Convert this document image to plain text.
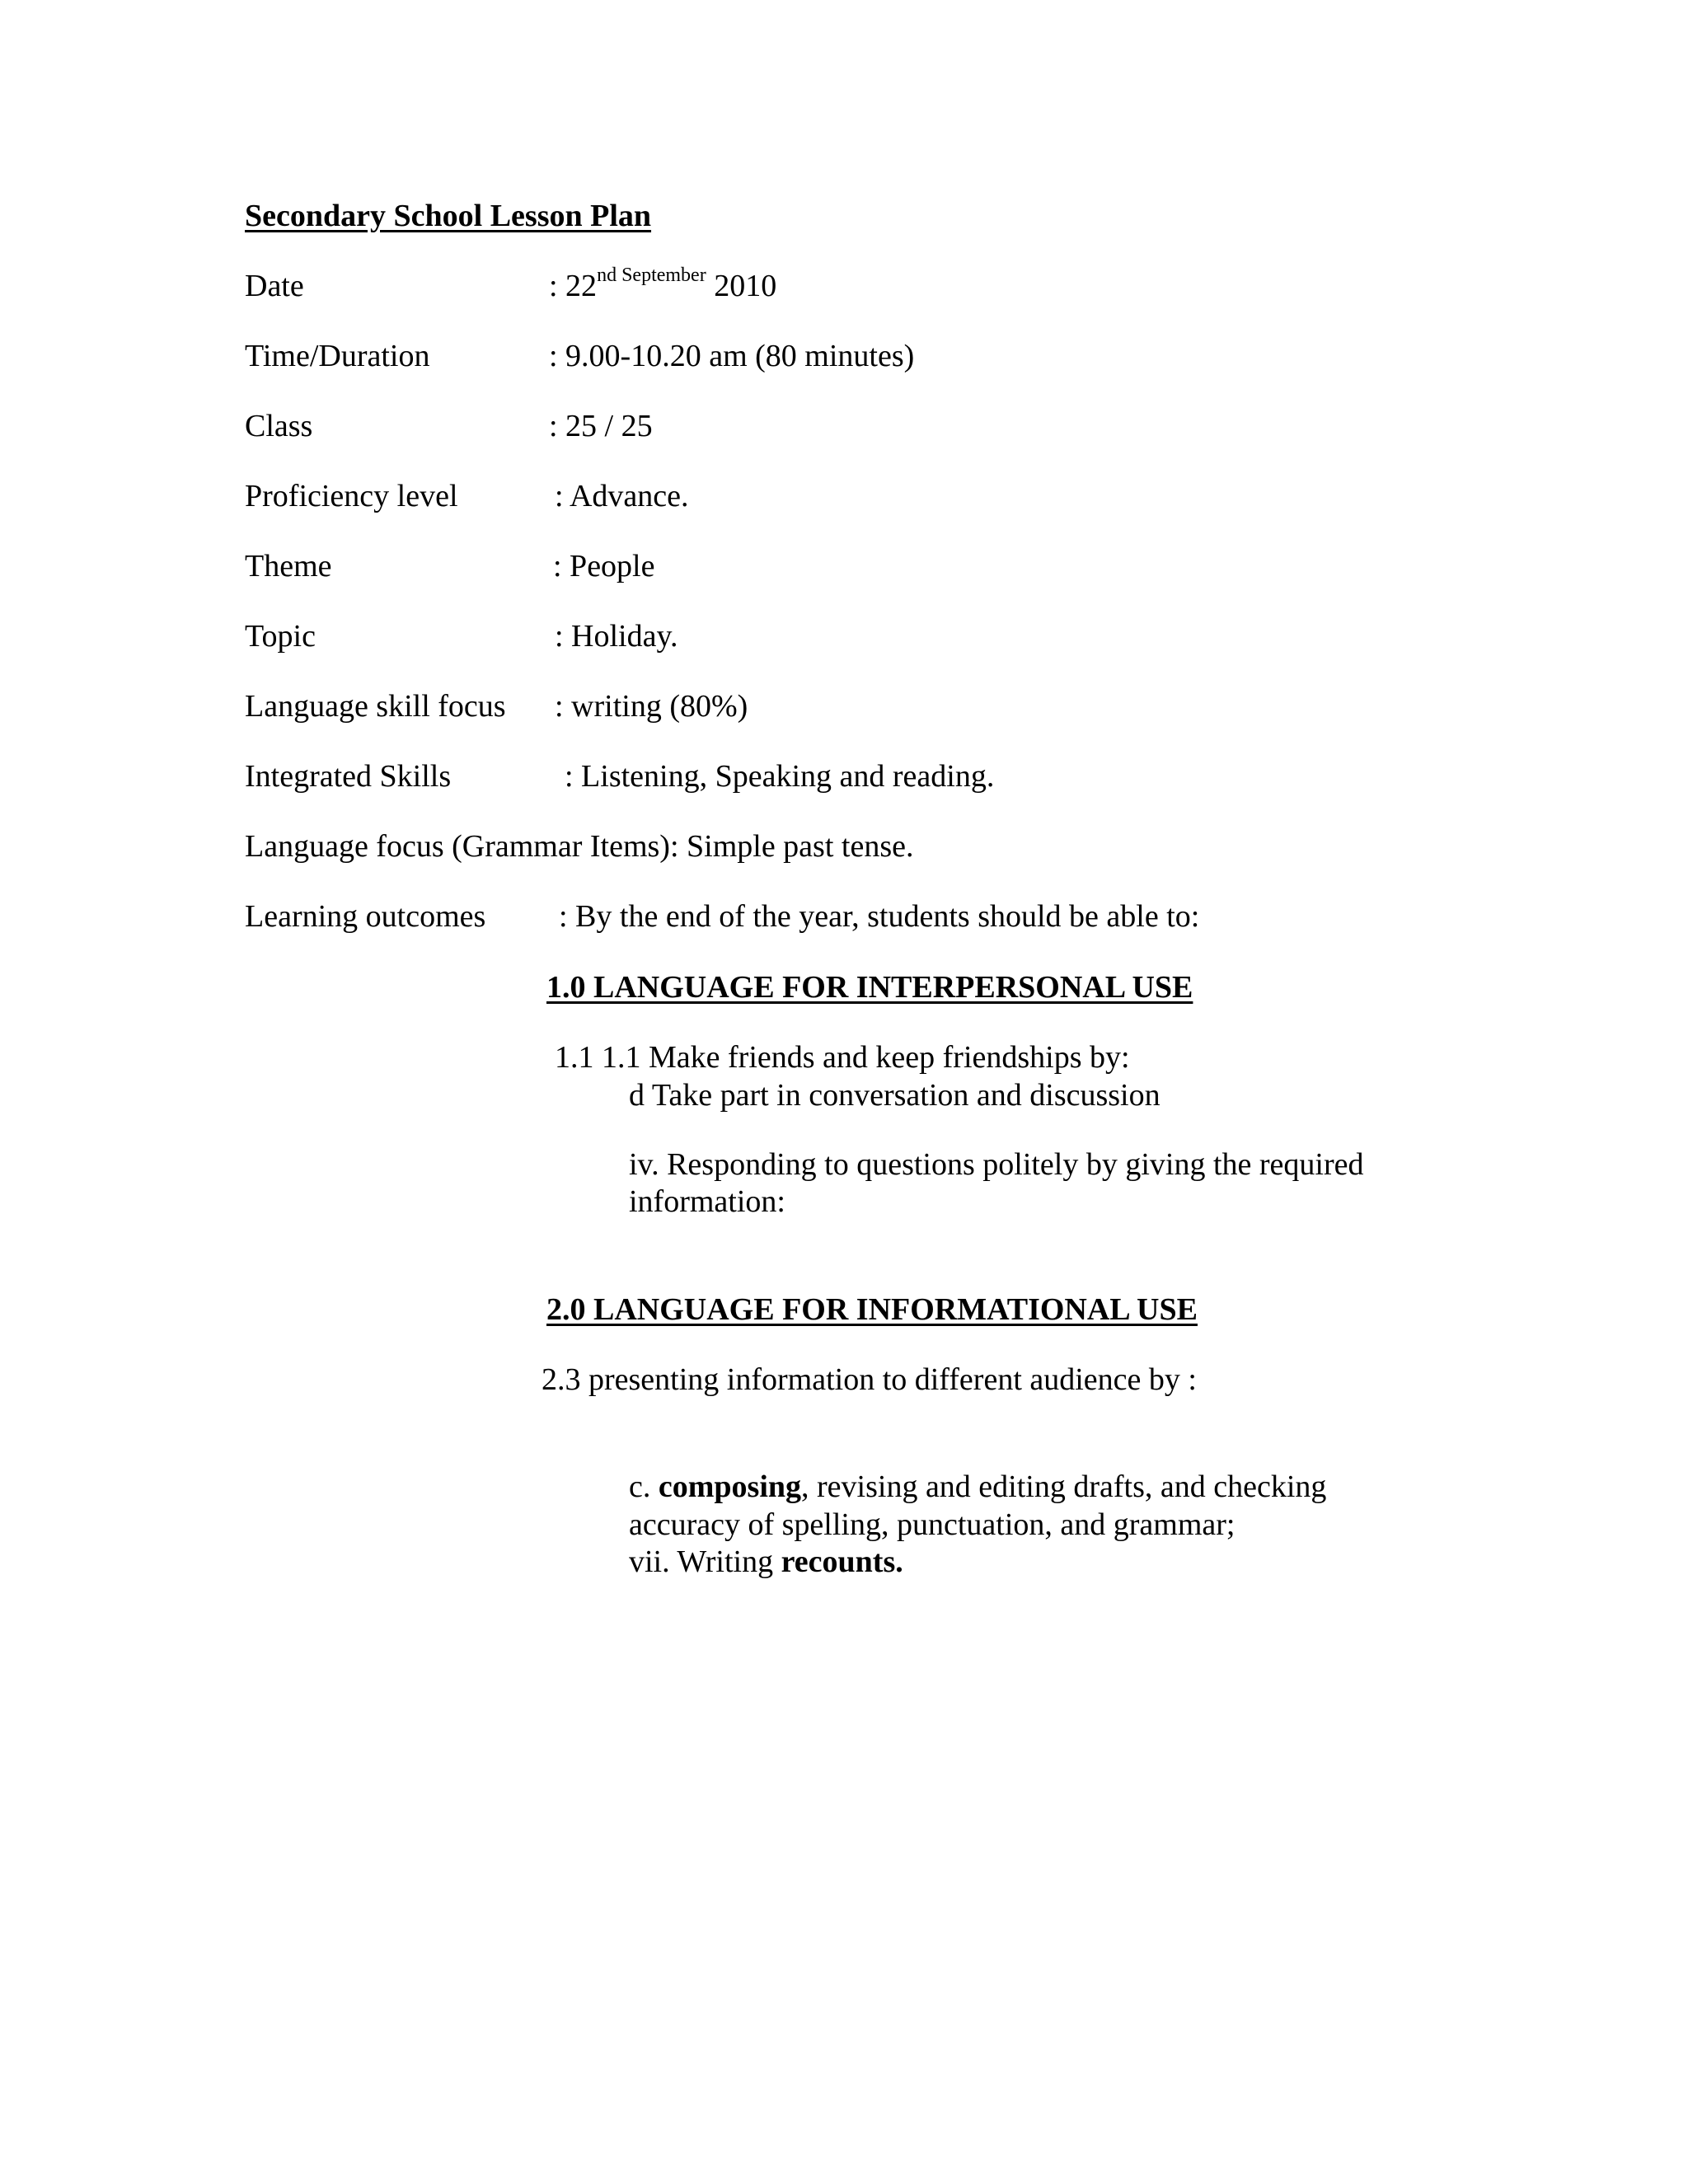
Secondary School Lesson Plan
Date	: 22nd $^{September}$ 2010
Time/Duration	: 9.00-10.20 am (80 minutes)
Class	: 25 / 25
Proficiency level	: Advance.
Theme	: People
Topic	: Holiday.
Language skill focus : writing (80%)
Integrated Skills	: Listening, Speaking and reading.
Language focus (Grammar Items): Simple past tense.
Learning outcomes : By the end of the year, students should be able to:
1.0 LANGUAGE FOR INTERPERSONAL USE
1.1 1.1 Make friends and keep friendships by:
d Take part in conversation and discussion
iv. Responding to questions politely by giving the required
information:
2.0 LANGUAGE FOR INFORMATIONAL USE
2.3 presenting information to different audience by :
c. composing, revising and editing drafts, and checking
accuracy of spelling, punctuation, and grammar;
vii. Writing recounts.
